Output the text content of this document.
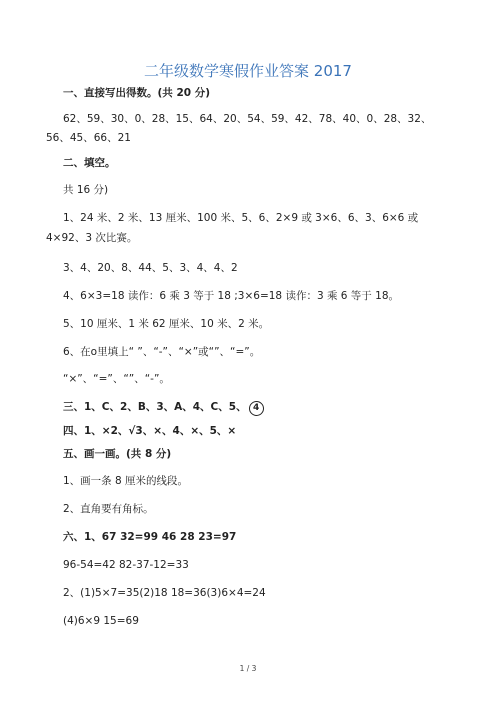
二年级数学寒假作业答案 2017
一、直接写出得数。(共 20 分)
62、59、30、0、28、15、64、20、54、59、42、78、40、0、28、32、
56、45、66、21
二、填空。
共 16 分)
1、24 米、2 米、13 厘米、100 米、5、6、2×9 或 3×6、6、3、6×6 或
4×92、3 次比赛。
3、4、20、8、44、5、3、4、4、2
4、6×3=18 读作：6 乘 3 等于 18 ;3×6=18 读作：3 乘 6 等于 18。
5、10 厘米、1 米 62 厘米、10 米、2 米。
6、在o里填上“ ”、“-”、“×”或“”、“=”。
“×”、“=”、“”、“-”。
三、1、C、2、B、3、A、4、C、5、 4
四、1、×2、√3、×、4、×、5、×
五、画一画。(共 8 分)
1、画一条 8 厘米的线段。
2、直角要有角标。
六、1、67 32=99 46 28 23=97
96-54=42 82-37-12=33
2、(1)5×7=35(2)18 18=36(3)6×4=24
(4)6×9 15=69
1 / 3
